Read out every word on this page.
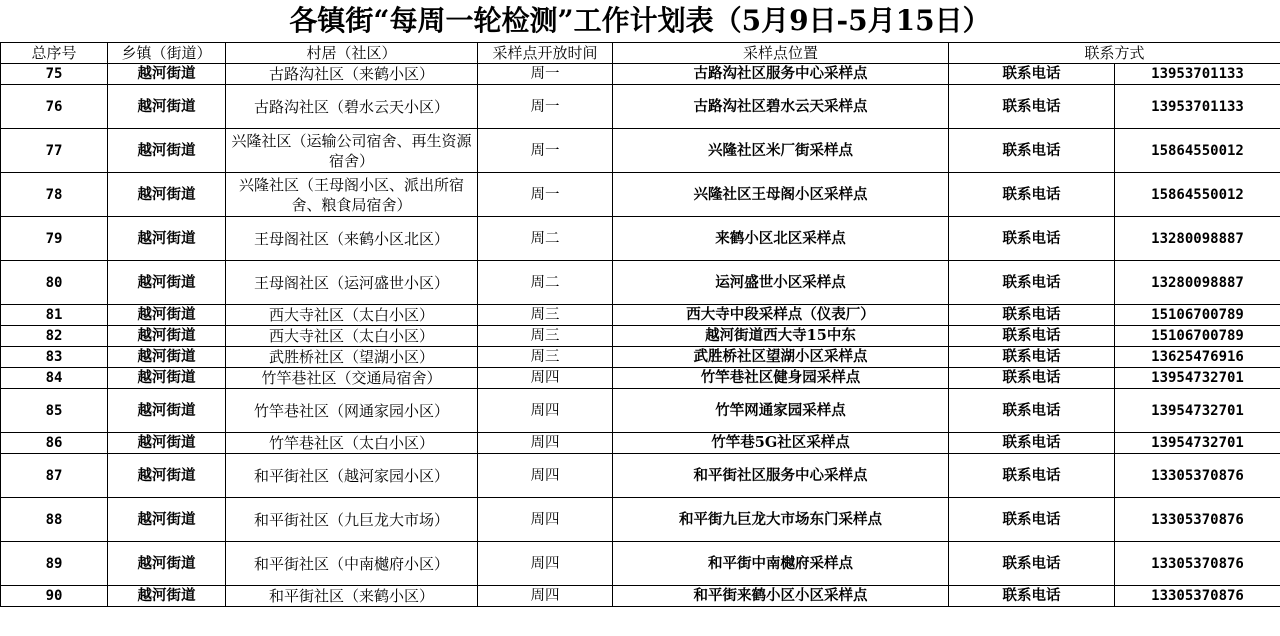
各镇街“每周一轮检测”工作计划表（5月9日-5月15日）
总序号	乡镇（街道）	村居（社区）	采样点开放时间	采样点位置	联系方式	
75	越河街道	古路沟社区（来鹤小区）	周一	古路沟社区服务中心采样点	联系电话	13953701133
76	越河街道	古路沟社区（碧水云天小区）	周一	古路沟社区碧水云天采样点	联系电话	13953701133
77	越河街道	兴隆社区（运输公司宿舍、再生资源宿舍）	周一	兴隆社区米厂街采样点	联系电话	15864550012
78	越河街道	兴隆社区（王母阁小区、派出所宿舍、粮食局宿舍）	周一	兴隆社区王母阁小区采样点	联系电话	15864550012
79	越河街道	王母阁社区（来鹤小区北区）	周二	来鹤小区北区采样点	联系电话	13280098887
80	越河街道	王母阁社区（运河盛世小区）	周二	运河盛世小区采样点	联系电话	13280098887
81	越河街道	西大寺社区（太白小区）	周三	西大寺中段采样点（仪表厂）	联系电话	15106700789
82	越河街道	西大寺社区（太白小区）	周三	越河街道西大寺15中东	联系电话	15106700789
83	越河街道	武胜桥社区（望湖小区）	周三	武胜桥社区望湖小区采样点	联系电话	13625476916
84	越河街道	竹竿巷社区（交通局宿舍）	周四	竹竿巷社区健身园采样点	联系电话	13954732701
85	越河街道	竹竿巷社区（网通家园小区）	周四	竹竿网通家园采样点	联系电话	13954732701
86	越河街道	竹竿巷社区（太白小区）	周四	竹竿巷5G社区采样点	联系电话	13954732701
87	越河街道	和平街社区（越河家园小区）	周四	和平街社区服务中心采样点	联系电话	13305370876
88	越河街道	和平街社区（九巨龙大市场）	周四	和平街九巨龙大市场东门采样点	联系电话	13305370876
89	越河街道	和平街社区（中南樾府小区）	周四	和平街中南樾府采样点	联系电话	13305370876
90	越河街道	和平街社区（来鹤小区）	周四	和平街来鹤小区小区采样点	联系电话	13305370876
